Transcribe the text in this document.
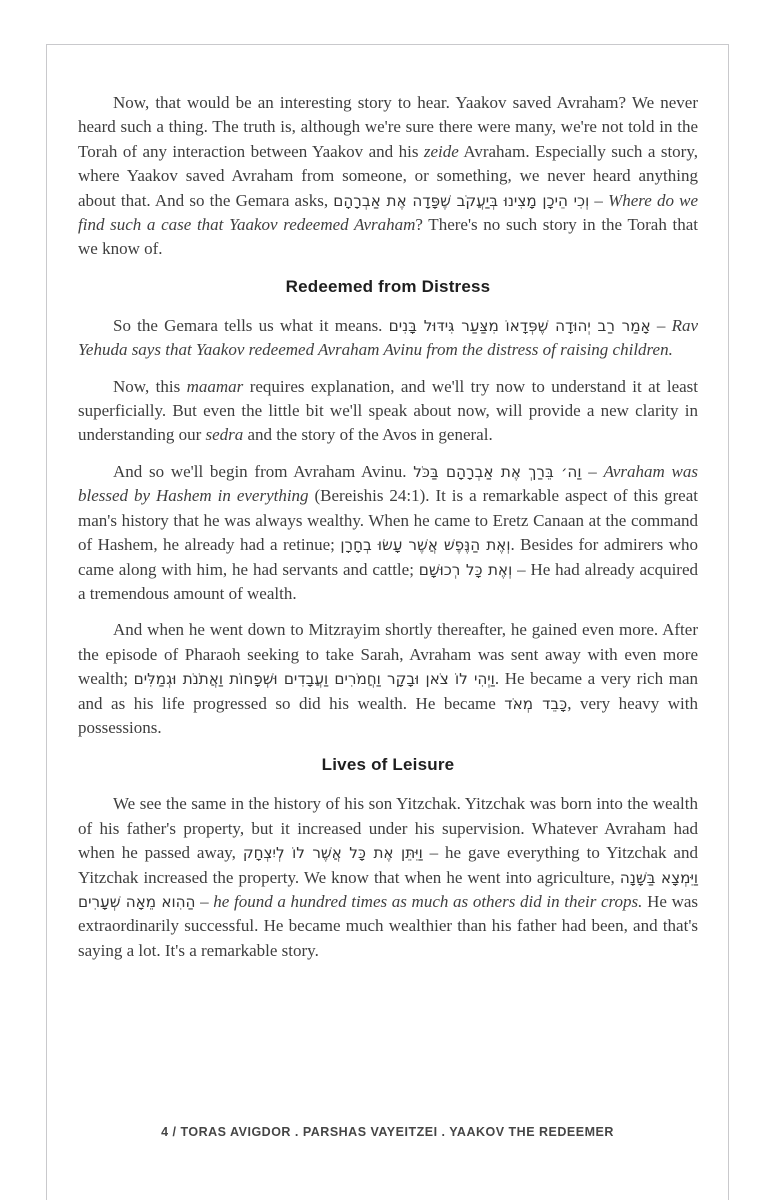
Now, that would be an interesting story to hear. Yaakov saved Avraham? We never heard such a thing. The truth is, although we're sure there were many, we're not told in the Torah of any interaction between Yaakov and his zeide Avraham. Especially such a story, where Yaakov saved Avraham from someone, or something, we never heard anything about that. And so the Gemara asks, וְכִי הֵיכָן מָצִינוּ בְּיַעֲקֹב שֶׁפָּדָה אֶת אַבְרָהָם – Where do we find such a case that Yaakov redeemed Avraham? There's no such story in the Torah that we know of.

Redeemed from Distress

So the Gemara tells us what it means. אָמַר רַב יְהוּדָה שֶׁפְּדָאוֹ מִצַּעַר גִּידּוּל בָּנִים – Rav Yehuda says that Yaakov redeemed Avraham Avinu from the distress of raising children.

Now, this maamar requires explanation, and we'll try now to understand it at least superficially. But even the little bit we'll speak about now, will provide a new clarity in understanding our sedra and the story of the Avos in general.

And so we'll begin from Avraham Avinu. וַה׳ בֵּרַךְ אֶת אַבְרָהָם בַּכֹּל – Avraham was blessed by Hashem in everything (Bereishis 24:1). It is a remarkable aspect of this great man's history that he was always wealthy. When he came to Eretz Canaan at the command of Hashem, he already had a retinue; וְאֶת הַנֶּפֶשׁ אֲשֶׁר עָשׂוּ בְחָרָן. Besides for admirers who came along with him, he had servants and cattle; וְאֶת כָּל רְכוּשָׁם – He had already acquired a tremendous amount of wealth.

And when he went down to Mitzrayim shortly thereafter, he gained even more. After the episode of Pharaoh seeking to take Sarah, Avraham was sent away with even more wealth; וַיְהִי לוֹ צֹאן וּבָקָר וַחֲמֹרִים וַעֲבָדִים וּשְׁפָחוֹת וַאֲתֹנֹת וּגְמַלִּים. He became a very rich man and as his life progressed so did his wealth. He became כָּבֵד מְאֹד, very heavy with possessions.

Lives of Leisure

We see the same in the history of his son Yitzchak. Yitzchak was born into the wealth of his father's property, but it increased under his supervision. Whatever Avraham had when he passed away, וַיִּתֵּן אֶת כָּל אֲשֶׁר לוֹ לְיִצְחָק – he gave everything to Yitzchak and Yitzchak increased the property. We know that when he went into agriculture, וַיִּמְצָא בַּשָּׁנָה הַהִוא מֵאָה שְׁעָרִים – he found a hundred times as much as others did in their crops. He was extraordinarily successful. He became much wealthier than his father had been, and that's saying a lot. It's a remarkable story.

4 / TORAS AVIGDOR . PARSHAS VAYEITZEI . YAAKOV THE REDEEMER
